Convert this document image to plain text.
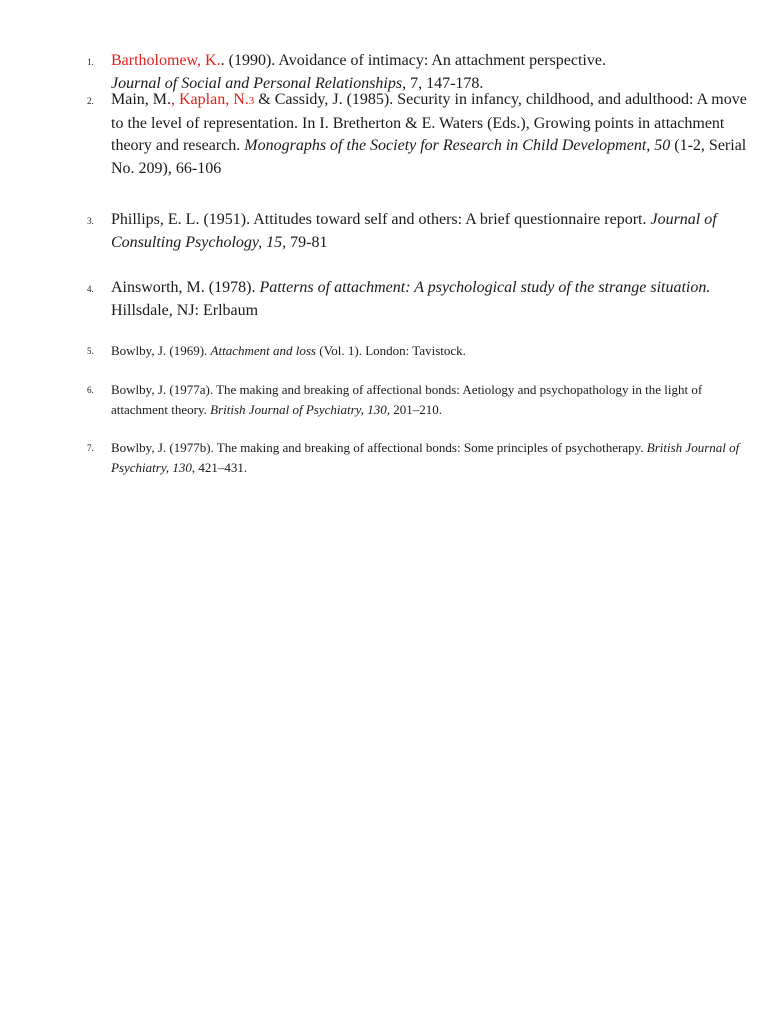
1. Bartholomew, K.. (1990). Avoidance of intimacy: An attachment perspective.
Journal of Social and Personal Relationships, 7, 147-178.
2. Main, M., Kaplan, N.3 & Cassidy, J. (1985). Security in infancy, childhood, and adulthood: A move to the level of representation. In I. Bretherton & E. Waters (Eds.), Growing points in attachment theory and research. Monographs of the Society for Research in Child Development, 50 (1-2, Serial No. 209), 66-106
3. Phillips, E. L. (1951). Attitudes toward self and others: A brief questionnaire report. Journal of Consulting Psychology, 15, 79-81
4. Ainsworth, M. (1978). Patterns of attachment: A psychological study of the strange situation. Hillsdale, NJ: Erlbaum
5. Bowlby, J. (1969). Attachment and loss (Vol. 1). London: Tavistock.
6. Bowlby, J. (1977a). The making and breaking of affectional bonds: Aetiology and psychopathology in the light of attachment theory. British Journal of Psychiatry, 130, 201–210.
7. Bowlby, J. (1977b). The making and breaking of affectional bonds: Some principles of psychotherapy. British Journal of Psychiatry, 130, 421–431.
